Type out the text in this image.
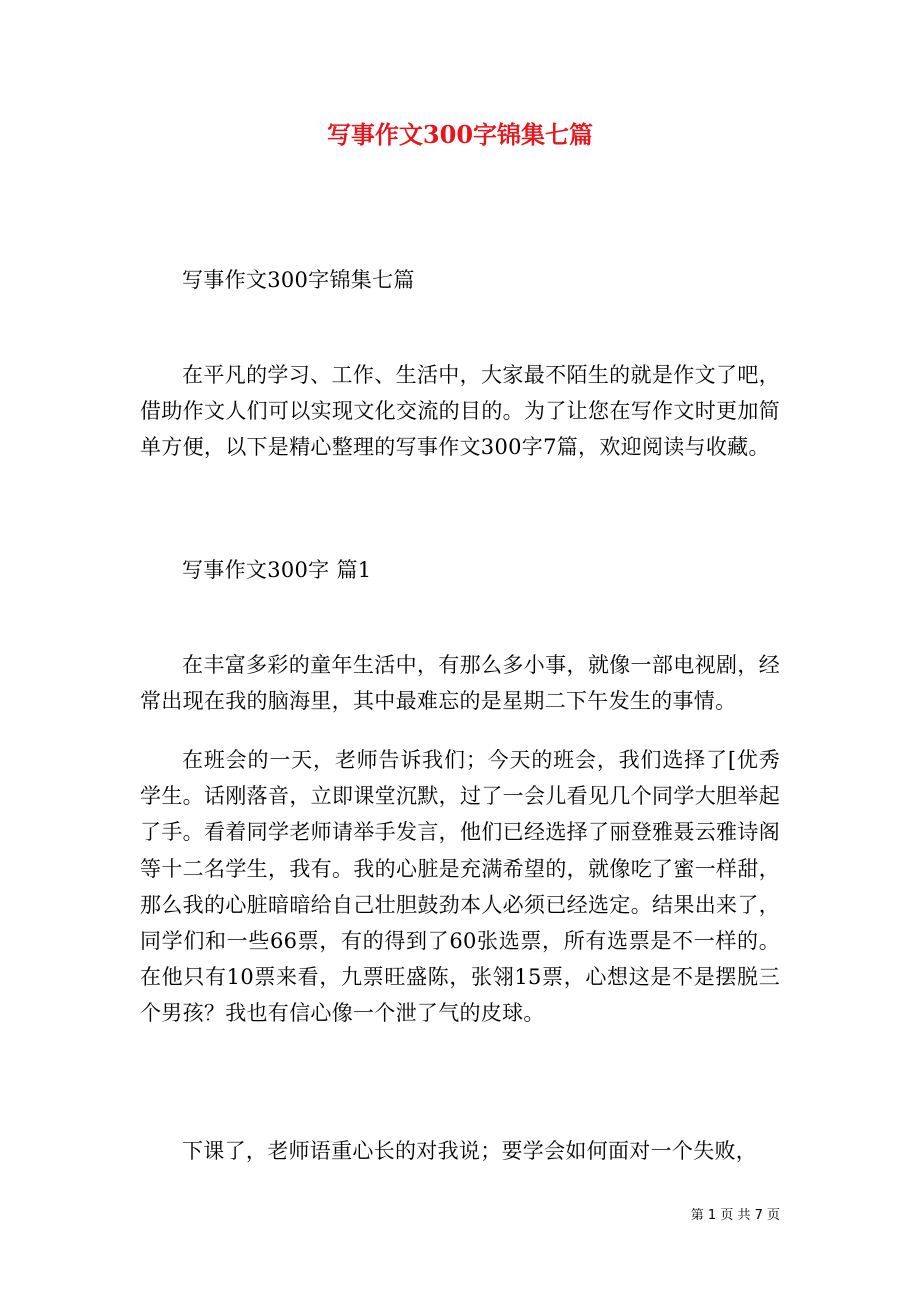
写事作文300字锦集七篇

写事作文300字锦集七篇

在平凡的学习、工作、生活中，大家最不陌生的就是作文了吧，借助作文人们可以实现文化交流的目的。为了让您在写作文时更加简单方便，以下是精心整理的写事作文300字7篇，欢迎阅读与收藏。

写事作文300字 篇1

在丰富多彩的童年生活中，有那么多小事，就像一部电视剧，经常出现在我的脑海里，其中最难忘的是星期二下午发生的事情。

在班会的一天，老师告诉我们；今天的班会，我们选择了[优秀学生。话刚落音，立即课堂沉默，过了一会儿看见几个同学大胆举起了手。看着同学老师请举手发言，他们已经选择了丽登雅聂云雅诗阁等十二名学生，我有。我的心脏是充满希望的，就像吃了蜜一样甜，那么我的心脏暗暗给自己壮胆鼓劲本人必须已经选定。结果出来了，同学们和一些66票，有的得到了60张选票，所有选票是不一样的。在他只有10票来看，九票旺盛陈，张翎15票，心想这是不是摆脱三个男孩？我也有信心像一个泄了气的皮球。

下课了，老师语重心长的对我说；要学会如何面对一个失败，

第 1 页 共 7 页
